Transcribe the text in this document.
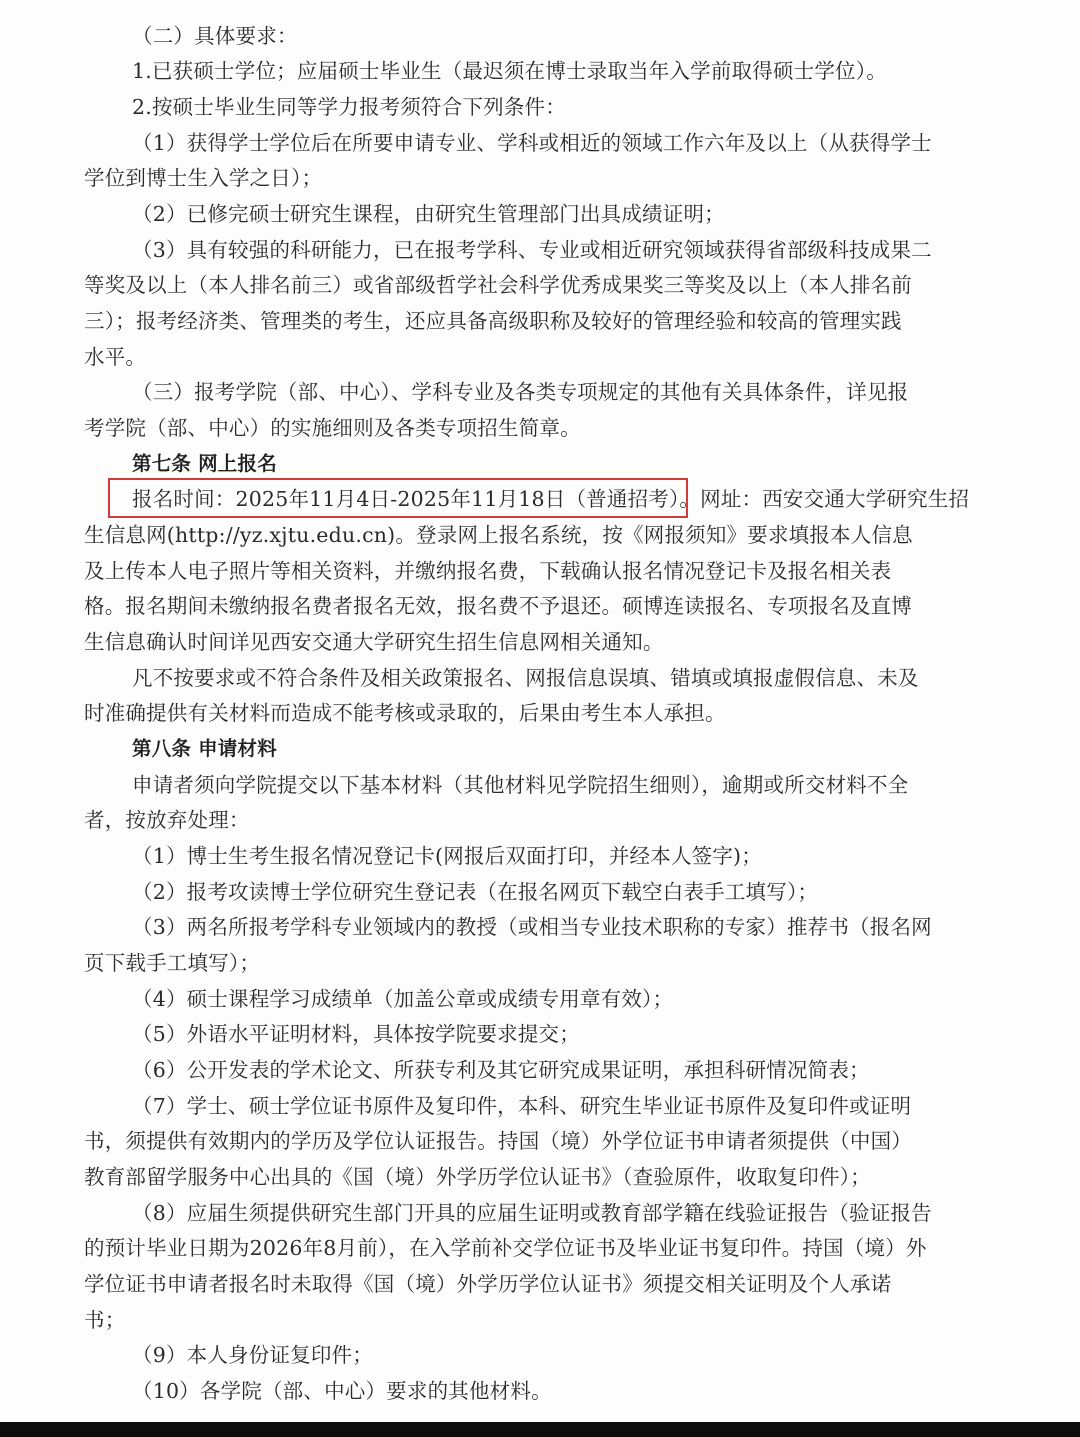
（二）具体要求：
1.已获硕士学位；应届硕士毕业生（最迟须在博士录取当年入学前取得硕士学位）。
2.按硕士毕业生同等学力报考须符合下列条件：
（1）获得学士学位后在所要申请专业、学科或相近的领域工作六年及以上（从获得学士
学位到博士生入学之日）；
（2）已修完硕士研究生课程，由研究生管理部门出具成绩证明；
（3）具有较强的科研能力，已在报考学科、专业或相近研究领域获得省部级科技成果二
等奖及以上（本人排名前三）或省部级哲学社会科学优秀成果奖三等奖及以上（本人排名前
三）；报考经济类、管理类的考生，还应具备高级职称及较好的管理经验和较高的管理实践
水平。
（三）报考学院（部、中心）、学科专业及各类专项规定的其他有关具体条件，详见报
考学院（部、中心）的实施细则及各类专项招生简章。
第七条 网上报名
报名时间：2025年11月4日-2025年11月18日（普通招考）。网址：西安交通大学研究生招
生信息网(http://yz.xjtu.edu.cn)。登录网上报名系统，按《网报须知》要求填报本人信息
及上传本人电子照片等相关资料，并缴纳报名费，下载确认报名情况登记卡及报名相关表
格。报名期间未缴纳报名费者报名无效，报名费不予退还。硕博连读报名、专项报名及直博
生信息确认时间详见西安交通大学研究生招生信息网相关通知。
凡不按要求或不符合条件及相关政策报名、网报信息误填、错填或填报虚假信息、未及
时准确提供有关材料而造成不能考核或录取的，后果由考生本人承担。
第八条 申请材料
申请者须向学院提交以下基本材料（其他材料见学院招生细则），逾期或所交材料不全
者，按放弃处理：
（1）博士生考生报名情况登记卡(网报后双面打印，并经本人签字)；
（2）报考攻读博士学位研究生登记表（在报名网页下载空白表手工填写）；
（3）两名所报考学科专业领域内的教授（或相当专业技术职称的专家）推荐书（报名网
页下载手工填写）；
（4）硕士课程学习成绩单（加盖公章或成绩专用章有效）；
（5）外语水平证明材料，具体按学院要求提交；
（6）公开发表的学术论文、所获专利及其它研究成果证明，承担科研情况简表；
（7）学士、硕士学位证书原件及复印件，本科、研究生毕业证书原件及复印件或证明
书，须提供有效期内的学历及学位认证报告。持国（境）外学位证书申请者须提供（中国）
教育部留学服务中心出具的《国（境）外学历学位认证书》（查验原件，收取复印件）；
（8）应届生须提供研究生部门开具的应届生证明或教育部学籍在线验证报告（验证报告
的预计毕业日期为2026年8月前），在入学前补交学位证书及毕业证书复印件。持国（境）外
学位证书申请者报名时未取得《国（境）外学历学位认证书》须提交相关证明及个人承诺
书；
（9）本人身份证复印件；
（10）各学院（部、中心）要求的其他材料。
